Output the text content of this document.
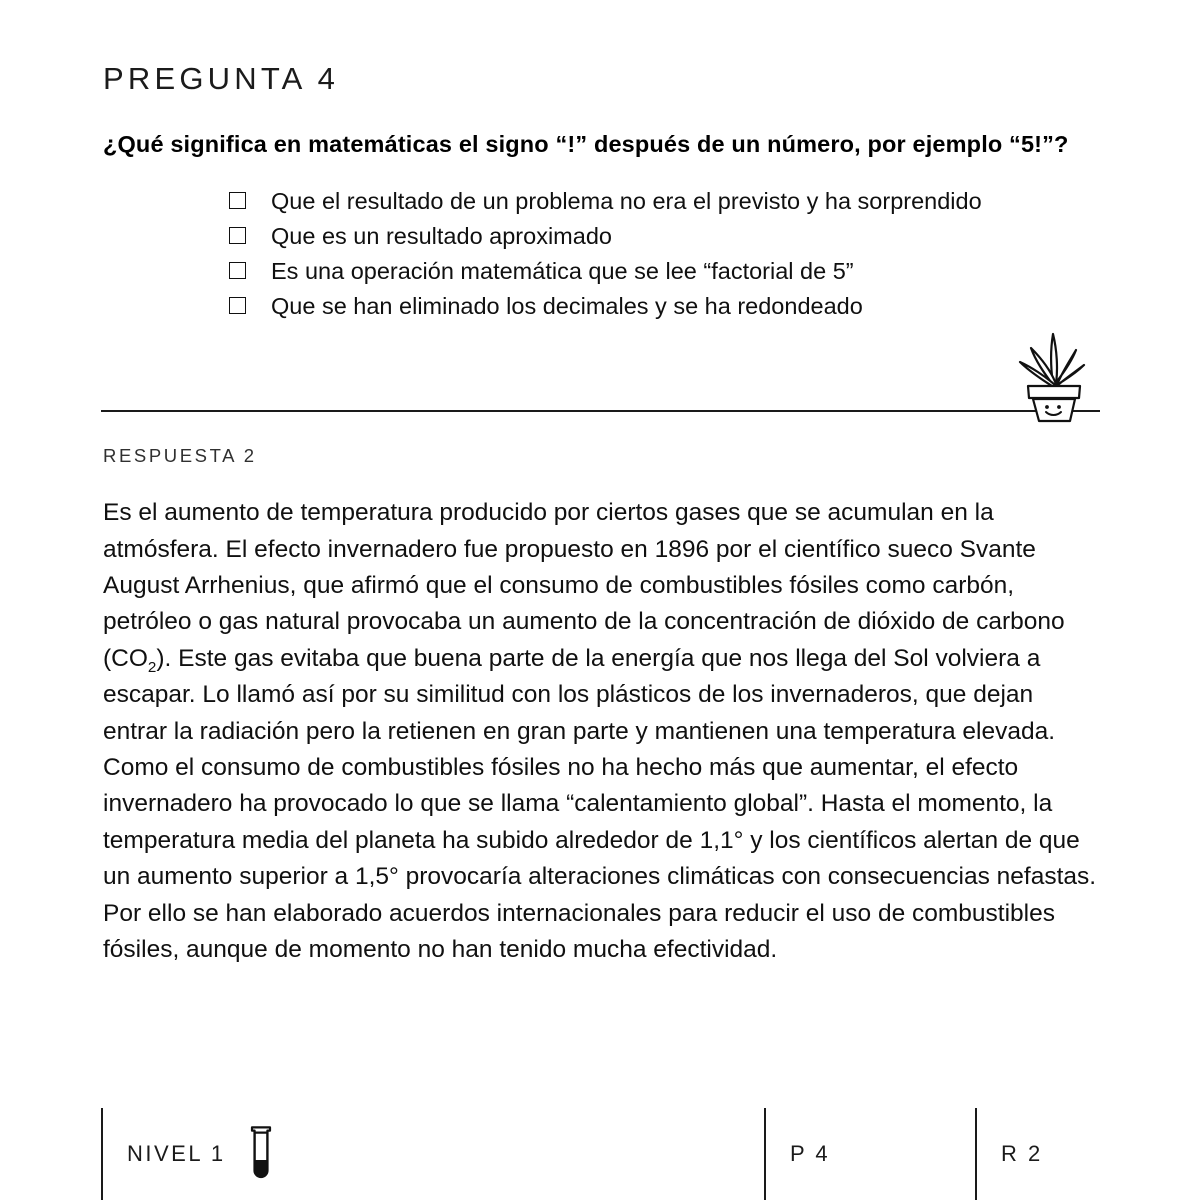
PREGUNTA 4

¿Qué significa en matemáticas el signo “!” después de un número, por ejemplo “5!”?

Que el resultado de un problema no era el previsto y ha sorprendido
Que es un resultado aproximado
Es una operación matemática que se lee “factorial de 5”
Que se han eliminado los decimales y se ha redondeado
RESPUESTA 2

Es el aumento de temperatura producido por ciertos gases que se acumulan en la atmósfera. El efecto invernadero fue propuesto en 1896 por el científico sueco Svante August Arrhenius, que afirmó que el consumo de combustibles fósiles como carbón, petróleo o gas natural provocaba un aumento de la concentración de dióxido de carbono $(CO_2)$. Este gas evitaba que buena parte de la energía que nos llega del Sol volviera a escapar. Lo llamó así por su similitud con los plásticos de los invernaderos, que dejan entrar la radiación pero la retienen en gran parte y mantienen una temperatura elevada. Como el consumo de combustibles fósiles no ha hecho más que aumentar, el efecto invernadero ha provocado lo que se llama “calentamiento global”. Hasta el momento, la temperatura media del planeta ha subido alrededor de 1,1° y los científicos alertan de que un aumento superior a 1,5° provocaría alteraciones climáticas con consecuencias nefastas. Por ello se han elaborado acuerdos internacionales para reducir el uso de combustibles fósiles, aunque de momento no han tenido mucha efectividad.

NIVEL 1	P 4	R 2
